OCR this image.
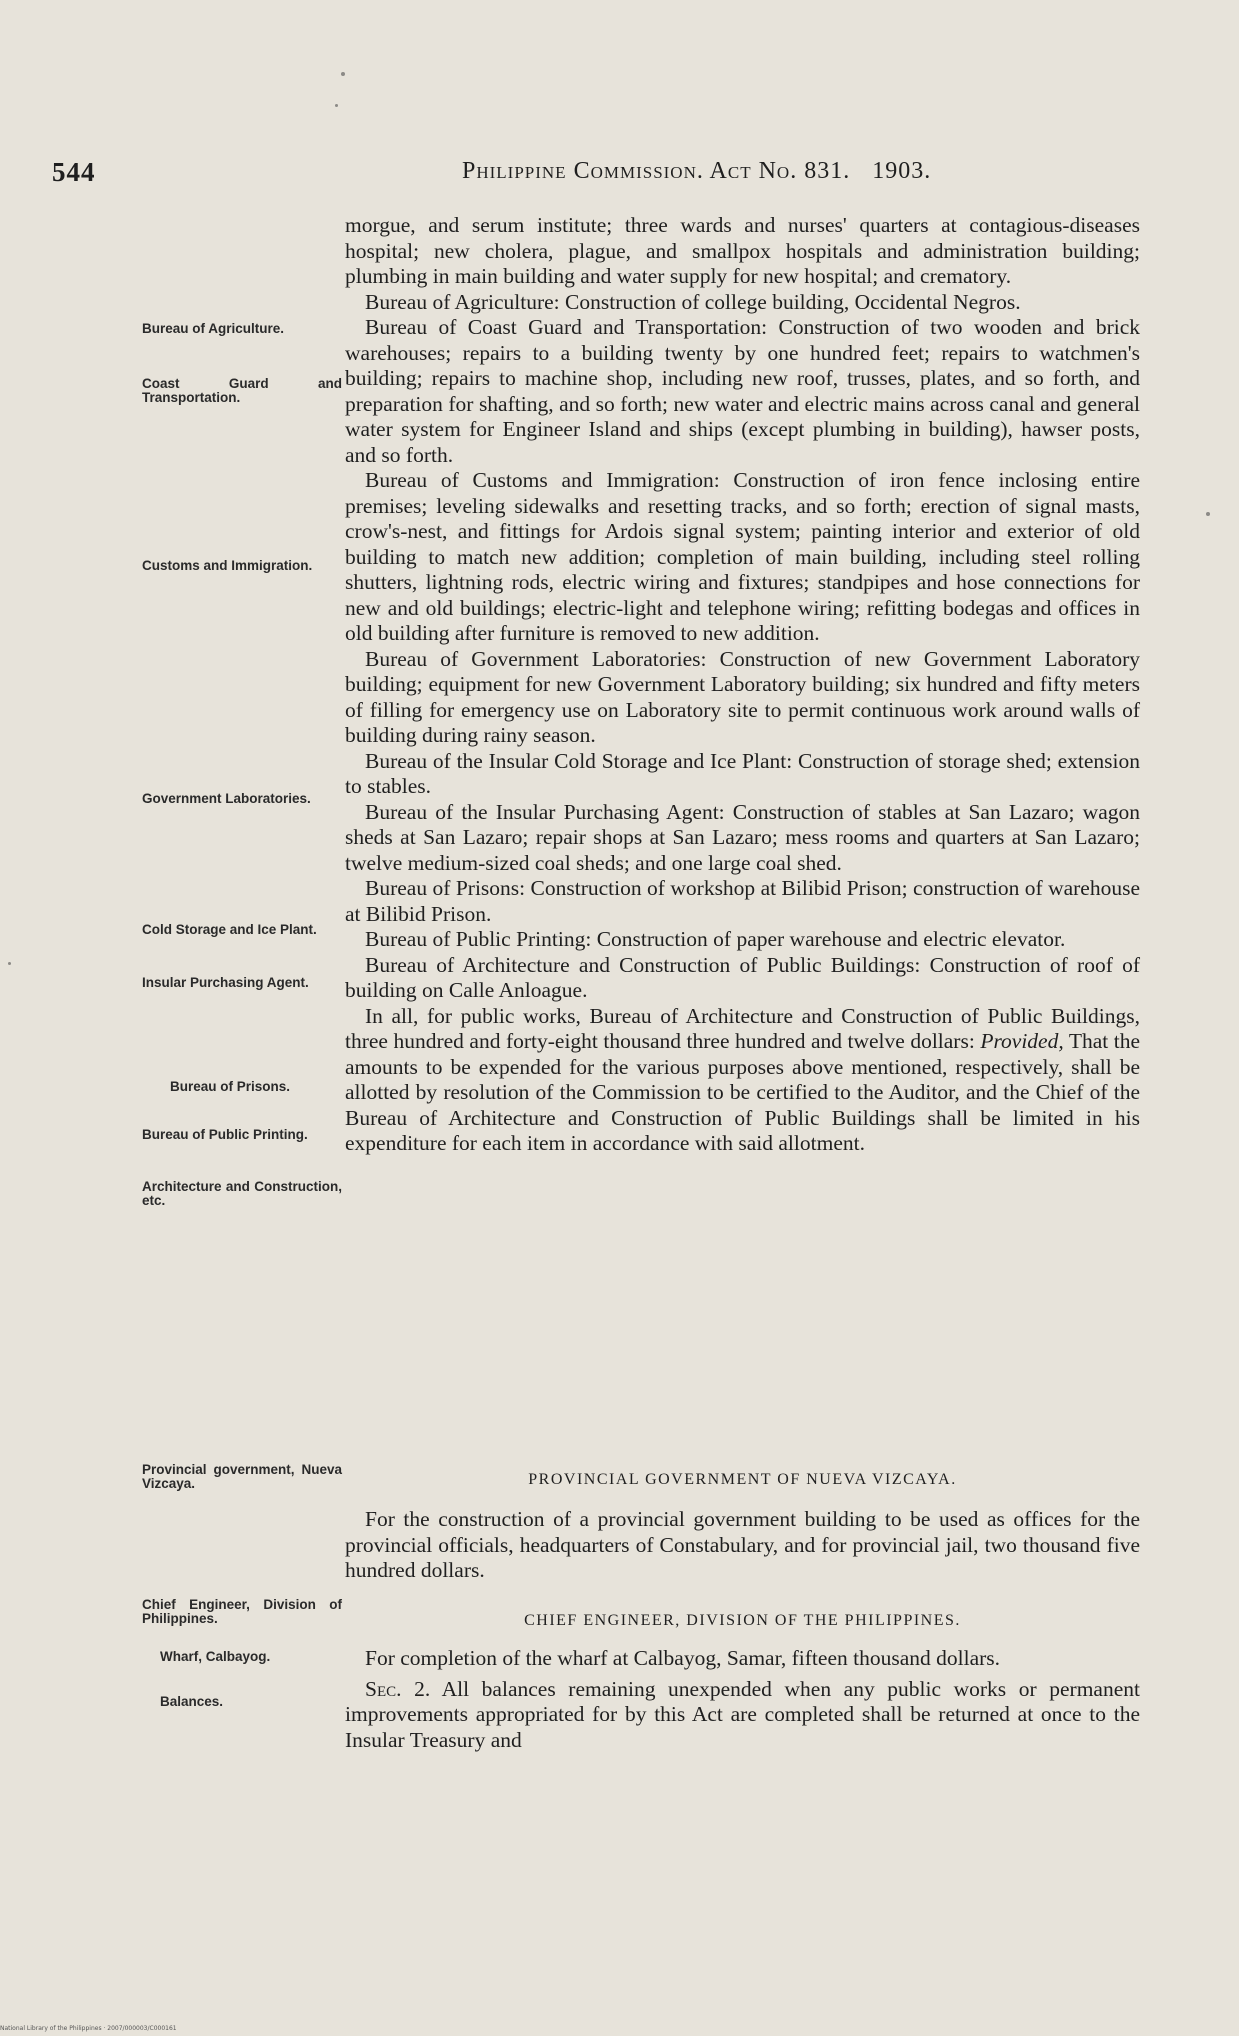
544	Philippine Commission. Act No. 831. 1903.
Bureau of Agriculture.
Coast Guard and Transportation.
Customs and Immigration.
Government Laboratories.
Cold Storage and Ice Plant.
Insular Purchasing Agent.
Bureau of Prisons.
Bureau of Public Printing.
Architecture and Construction, etc.
Provincial government, Nueva Vizcaya.
Chief Engineer, Division of Philippines.
Wharf, Calbayog.
Balances.

morgue, and serum institute; three wards and nurses' quarters at contagious-diseases hospital; new cholera, plague, and smallpox hospitals and administration building; plumbing in main building and water supply for new hospital; and crematory.

Bureau of Agriculture: Construction of college building, Occidental Negros.

Bureau of Coast Guard and Transportation: Construction of two wooden and brick warehouses; repairs to a building twenty by one hundred feet; repairs to watchmen's building; repairs to machine shop, including new roof, trusses, plates, and so forth, and preparation for shafting, and so forth; new water and electric mains across canal and general water system for Engineer Island and ships (except plumbing in building), hawser posts, and so forth.

Bureau of Customs and Immigration: Construction of iron fence inclosing entire premises; leveling sidewalks and resetting tracks, and so forth; erection of signal masts, crow's-nest, and fittings for Ardois signal system; painting interior and exterior of old building to match new addition; completion of main building, including steel rolling shutters, lightning rods, electric wiring and fixtures; standpipes and hose connections for new and old buildings; electric-light and telephone wiring; refitting bodegas and offices in old building after furniture is removed to new addition.

Bureau of Government Laboratories: Construction of new Government Laboratory building; equipment for new Government Laboratory building; six hundred and fifty meters of filling for emergency use on Laboratory site to permit continuous work around walls of building during rainy season.

Bureau of the Insular Cold Storage and Ice Plant: Construction of storage shed; extension to stables.

Bureau of the Insular Purchasing Agent: Construction of stables at San Lazaro; wagon sheds at San Lazaro; repair shops at San Lazaro; mess rooms and quarters at San Lazaro; twelve medium-sized coal sheds; and one large coal shed.

Bureau of Prisons: Construction of workshop at Bilibid Prison; construction of warehouse at Bilibid Prison.

Bureau of Public Printing: Construction of paper warehouse and electric elevator.

Bureau of Architecture and Construction of Public Buildings: Construction of roof of building on Calle Anloague.

In all, for public works, Bureau of Architecture and Construction of Public Buildings, three hundred and forty-eight thousand three hundred and twelve dollars: Provided, That the amounts to be expended for the various purposes above mentioned, respectively, shall be allotted by resolution of the Commission to be certified to the Auditor, and the Chief of the Bureau of Architecture and Construction of Public Buildings shall be limited in his expenditure for each item in accordance with said allotment.

PROVINCIAL GOVERNMENT OF NUEVA VIZCAYA.

For the construction of a provincial government building to be used as offices for the provincial officials, headquarters of Constabulary, and for provincial jail, two thousand five hundred dollars.

CHIEF ENGINEER, DIVISION OF THE PHILIPPINES.

For completion of the wharf at Calbayog, Samar, fifteen thousand dollars.

Sec. 2. All balances remaining unexpended when any public works or permanent improvements appropriated for by this Act are completed shall be returned at once to the Insular Treasury and

National Library of the Philippines · 2007/000003/C000161
